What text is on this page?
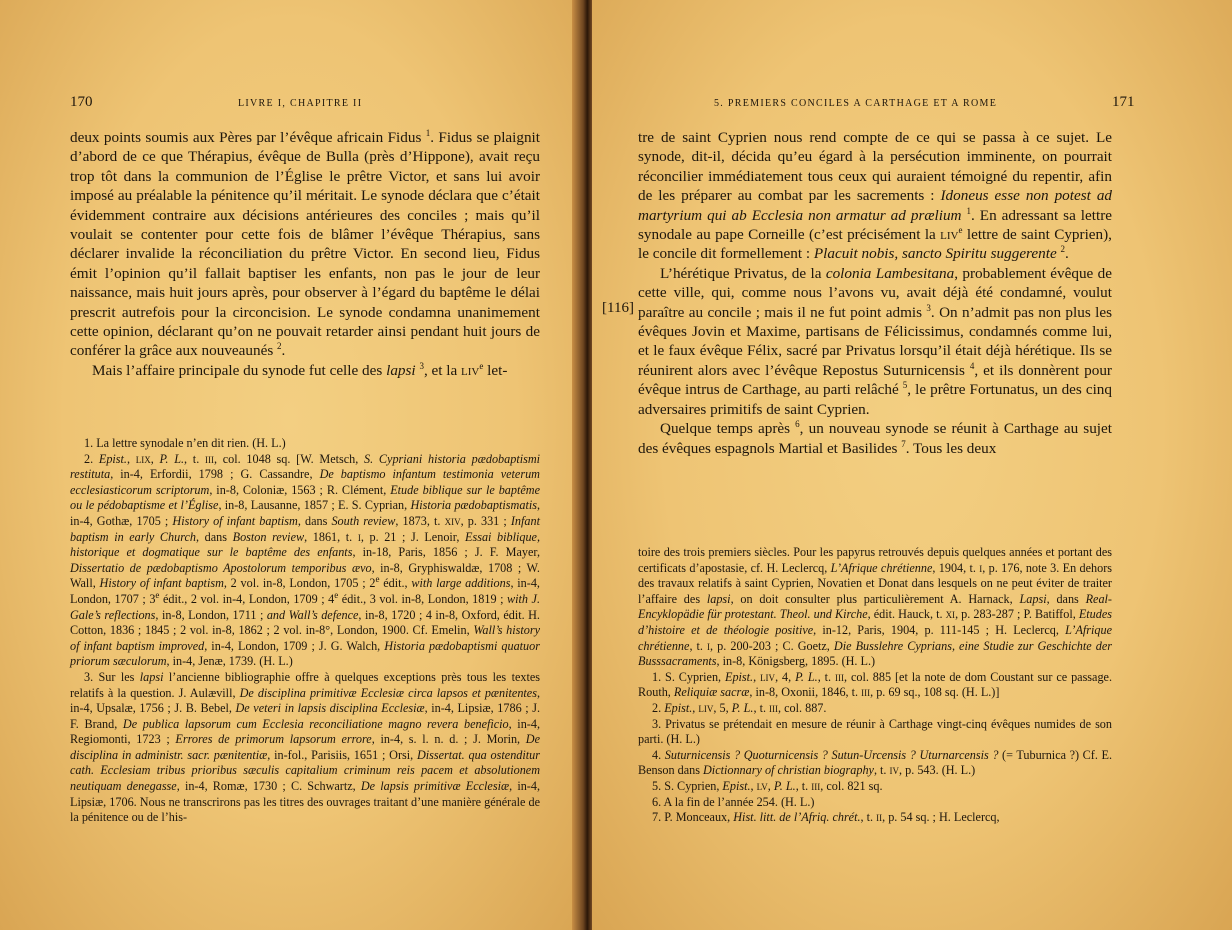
170	LIVRE I, CHAPITRE II

deux points soumis aux Pères par l’évêque africain Fidus $^1$. Fidus se plaignit d’abord de ce que Thérapius, évêque de Bulla (près d’Hippone), avait reçu trop tôt dans la communion de l’Église le prêtre Victor, et sans lui avoir imposé au préalable la pénitence qu’il méritait. Le synode déclara que c’était évidemment contraire aux décisions antérieures des conciles ; mais qu’il voulait se contenter pour cette fois de blâmer l’évêque Thérapius, sans déclarer invalide la réconciliation du prêtre Victor. En second lieu, Fidus émit l’opinion qu’il fallait baptiser les enfants, non pas le jour de leur naissance, mais huit jours après, pour observer à l’égard du baptême le délai prescrit autrefois pour la circoncision. Le synode condamna unanimement cette opinion, déclarant qu’on ne pouvait retarder ainsi pendant huit jours de conférer la grâce aux nouveaunés $^2$.

Mais l’affaire principale du synode fut celle des lapsi $^3$, et la liv$^e$ let-

1. La lettre synodale n’en dit rien. (H. L.)

2. Epist., lix, P. L., t. iii, col. 1048 sq. [W. Metsch, S. Cypriani historia pædobaptismi restituta, in-4, Erfordii, 1798 ; G. Cassandre, De baptismo infantum testimonia veterum ecclesiasticorum scriptorum, in-8, Coloniæ, 1563 ; R. Clément, Etude biblique sur le baptême ou le pédobaptisme et l’Église, in-8, Lausanne, 1857 ; E. S. Cyprian, Historia pædobaptismatis, in-4, Gothæ, 1705 ; History of infant baptism, dans South review, 1873, t. xiv, p. 331 ; Infant baptism in early Church, dans Boston review, 1861, t. i, p. 21 ; J. Lenoir, Essai biblique, historique et dogmatique sur le baptême des enfants, in-18, Paris, 1856 ; J. F. Mayer, Dissertatio de pædobaptismo Apostolorum temporibus ævo, in-8, Gryphiswaldæ, 1708 ; W. Wall, History of infant baptism, 2 vol. in-8, London, 1705 ; 2e édit., with large additions, in-4, London, 1707 ; 3e édit., 2 vol. in-4, London, 1709 ; 4e édit., 3 vol. in-8, London, 1819 ; with J. Gale’s reflections, in-8, London, 1711 ; and Wall’s defence, in-8, 1720 ; 4 in-8, Oxford, édit. H. Cotton, 1836 ; 1845 ; 2 vol. in-8, 1862 ; 2 vol. in-8°, London, 1900. Cf. Emelin, Wall’s history of infant baptism improved, in-4, London, 1709 ; J. G. Walch, Historia pædobaptismi quatuor priorum sæculorum, in-4, Jenæ, 1739. (H. L.)

3. Sur les lapsi l’ancienne bibliographie offre à quelques exceptions près tous les textes relatifs à la question. J. Aulævill, De disciplina primitivæ Ecclesiæ circa lapsos et pænitentes, in-4, Upsalæ, 1756 ; J. B. Bebel, De veteri in lapsis disciplina Ecclesiæ, in-4, Lipsiæ, 1786 ; J. F. Brand, De publica lapsorum cum Ecclesia reconciliatione magno revera beneficio, in-4, Regiomonti, 1723 ; Errores de primorum lapsorum errore, in-4, s. l. n. d. ; J. Morin, De disciplina in administr. sacr. pænitentiæ, in-fol., Parisiis, 1651 ; Orsi, Dissertat. qua ostenditur cath. Ecclesiam tribus prioribus sæculis capitalium criminum reis pacem et absolutionem neutiquam denegasse, in-4, Romæ, 1730 ; C. Schwartz, De lapsis primitivæ Ecclesiæ, in-4, Lipsiæ, 1706. Nous ne transcrirons pas les titres des ouvrages traitant d’une manière générale de la pénitence ou de l’his-

5. PREMIERS CONCILES A CARTHAGE ET A ROME	171

tre de saint Cyprien nous rend compte de ce qui se passa à ce sujet. Le synode, dit-il, décida qu’eu égard à la persécution imminente, on pourrait réconcilier immédiatement tous ceux qui auraient témoigné du repentir, afin de les préparer au combat par les sacrements : Idoneus esse non potest ad martyrium qui ab Ecclesia non armatur ad prælium $^1$. En adressant sa lettre synodale au pape Corneille (c’est précisément la liv$^e$ lettre de saint Cyprien), le concile dit formellement : Placuit nobis, sancto Spiritu suggerente $^2$.

L’hérétique Privatus, de la colonia Lambesitana, probablement évêque de cette ville, qui, comme nous l’avons vu, avait déjà été condamné, voulut paraître au concile ; mais il ne fut point admis $^3$. On n’admit pas non plus les évêques Jovin et Maxime, partisans de Félicissimus, condamnés comme lui, et le faux évêque Félix, sacré par Privatus lorsqu’il était déjà hérétique. Ils se réunirent alors avec l’évêque Repostus Suturnicensis $^4$, et ils donnèrent pour évêque intrus de Carthage, au parti relâché $^5$, le prêtre Fortunatus, un des cinq adversaires primitifs de saint Cyprien.

Quelque temps après $^6$, un nouveau synode se réunit à Carthage au sujet des évêques espagnols Martial et Basilides $^7$. Tous les deux

toire des trois premiers siècles. Pour les papyrus retrouvés depuis quelques années et portant des certificats d’apostasie, cf. H. Leclercq, L’Afrique chrétienne, 1904, t. i, p. 176, note 3. En dehors des travaux relatifs à saint Cyprien, Novatien et Donat dans lesquels on ne peut éviter de traiter l’affaire des lapsi, on doit consulter plus particulièrement A. Harnack, Lapsi, dans Real-Encyklopädie für protestant. Theol. und Kirche, édit. Hauck, t. xi, p. 283-287 ; P. Batiffol, Etudes d’histoire et de théologie positive, in-12, Paris, 1904, p. 111-145 ; H. Leclercq, L’Afrique chrétienne, t. i, p. 200-203 ; C. Goetz, Die Busslehre Cyprians, eine Studie zur Geschichte der Busssacraments, in-8, Königsberg, 1895. (H. L.)

1. S. Cyprien, Epist., liv, 4, P. L., t. iii, col. 885 [et la note de dom Coustant sur ce passage. Routh, Reliquiæ sacræ, in-8, Oxonii, 1846, t. iii, p. 69 sq., 108 sq. (H. L.)]

2. Epist., liv, 5, P. L., t. iii, col. 887.

3. Privatus se prétendait en mesure de réunir à Carthage vingt-cinq évêques numides de son parti. (H. L.)

4. Suturnicensis ? Quoturnicensis ? Sutun-Urcensis ? Uturnarcensis ? (= Tuburnica ?) Cf. E. Benson dans Dictionnary of christian biography, t. iv, p. 543. (H. L.)

5. S. Cyprien, Epist., lv, P. L., t. iii, col. 821 sq.

6. A la fin de l’année 254. (H. L.)

7. P. Monceaux, Hist. litt. de l’Afriq. chrét., t. ii, p. 54 sq. ; H. Leclercq,

[116]
